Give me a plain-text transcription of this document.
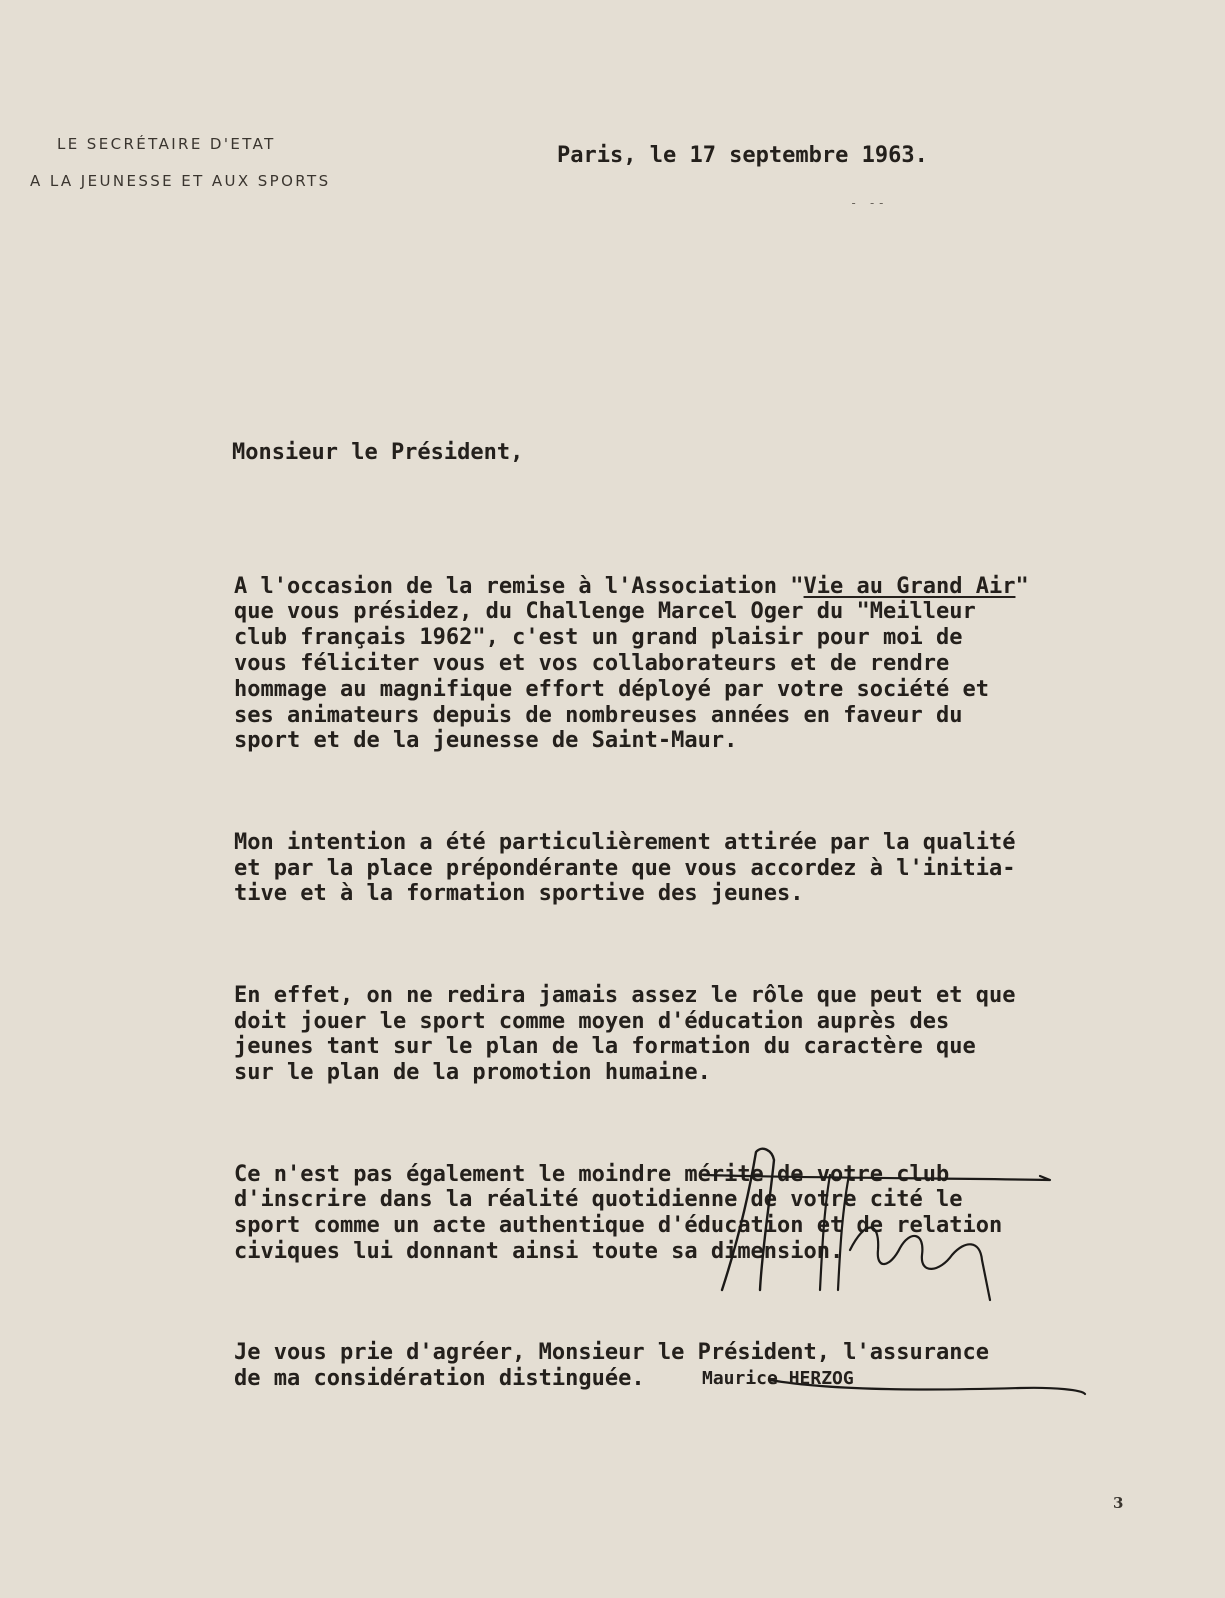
LE SECRÉTAIRE D'ETAT
A LA JEUNESSE ET AUX SPORTS
Paris, le 17 septembre 1963.
- --
Monsieur le Président,

A l'occasion de la remise à l'Association "Vie au Grand Air"
que vous présidez, du Challenge Marcel Oger du "Meilleur
club français 1962", c'est un grand plaisir pour moi de
vous féliciter vous et vos collaborateurs et de rendre
hommage au magnifique effort déployé par votre société et
ses animateurs depuis de nombreuses années en faveur du
sport et de la jeunesse de Saint-Maur.

Mon intention a été particulièrement attirée par la qualité
et par la place prépondérante que vous accordez à l'initia-
tive et à la formation sportive des jeunes.

En effet, on ne redira jamais assez le rôle que peut et que
doit jouer le sport comme moyen d'éducation auprès des
jeunes tant sur le plan de la formation du caractère que
sur le plan de la promotion humaine.

Ce n'est pas également le moindre mérite de votre club
d'inscrire dans la réalité quotidienne de votre cité le
sport comme un acte authentique d'éducation et de relation
civiques lui donnant ainsi toute sa dimension.

Je vous prie d'agréer, Monsieur le Président, l'assurance
de ma considération distinguée.

	Maurice HERZOG
3
